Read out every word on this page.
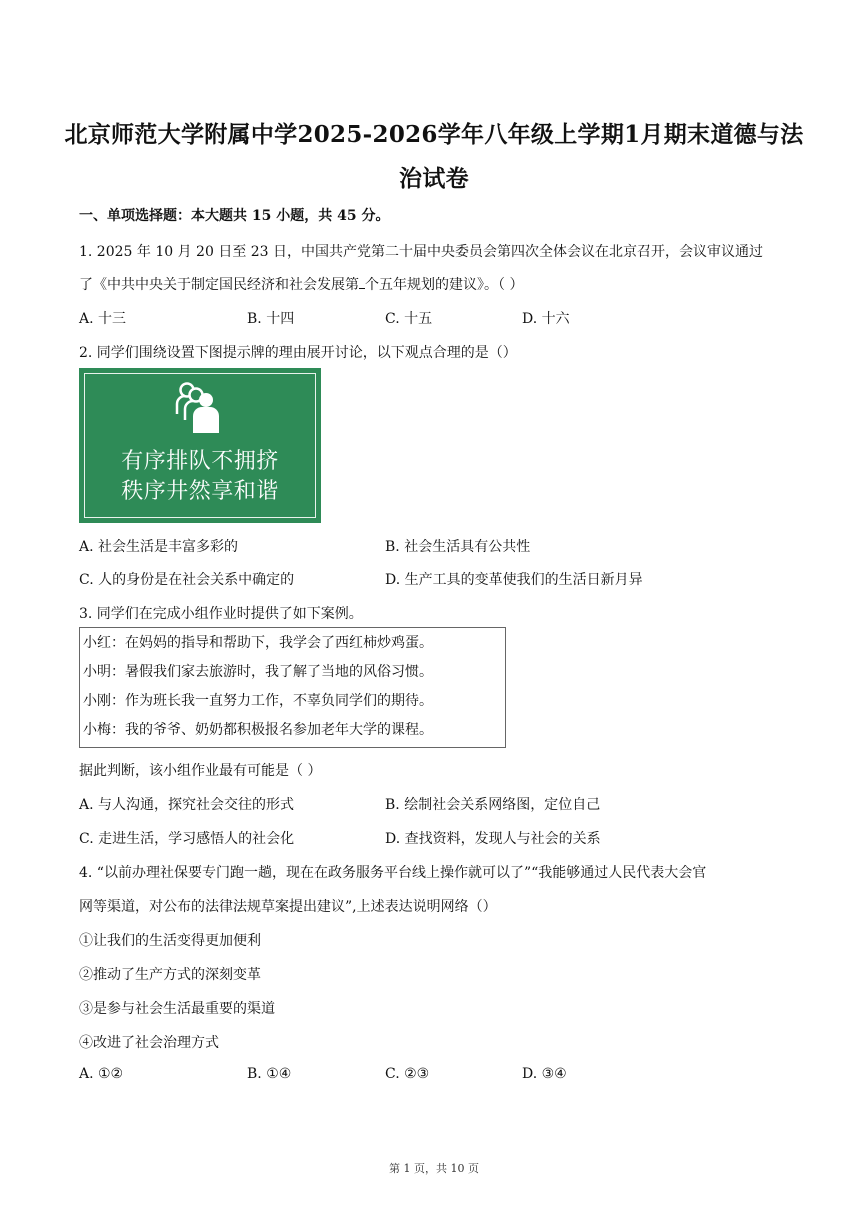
北京师范大学附属中学2025-2026学年八年级上学期1月期末道德与法
治试卷
一、单项选择题：本大题共 15 小题，共 45 分。
1. 2025 年 10 月 20 日至 23 日，中国共产党第二十届中央委员会第四次全体会议在北京召开，会议审议通过
了《中共中央关于制定国民经济和社会发展第 个五年规划的建议》。（ ）
A. 十三	B. 十四	C. 十五	D. 十六
2. 同学们围绕设置下图提示牌的理由展开讨论，以下观点合理的是（）
有序排队不拥挤
秩序井然享和谐
A. 社会生活是丰富多彩的	B. 社会生活具有公共性
C. 人的身份是在社会关系中确定的	D. 生产工具的变革使我们的生活日新月异
3. 同学们在完成小组作业时提供了如下案例。
小红：在妈妈的指导和帮助下，我学会了西红柿炒鸡蛋。
小明：暑假我们家去旅游时，我了解了当地的风俗习惯。
小刚：作为班长我一直努力工作，不辜负同学们的期待。
小梅：我的爷爷、奶奶都积极报名参加老年大学的课程。
据此判断，该小组作业最有可能是（ ）
A. 与人沟通，探究社会交往的形式	B. 绘制社会关系网络图，定位自己
C. 走进生活，学习感悟人的社会化	D. 查找资料，发现人与社会的关系
4. “以前办理社保要专门跑一趟，现在在政务服务平台线上操作就可以了”“我能够通过人民代表大会官
网等渠道，对公布的法律法规草案提出建议”,上述表达说明网络（）
①让我们的生活变得更加便利
②推动了生产方式的深刻变革
③是参与社会生活最重要的渠道
④改进了社会治理方式
A. ①②	B. ①④	C. ②③	D. ③④
第 1 页，共 10 页
